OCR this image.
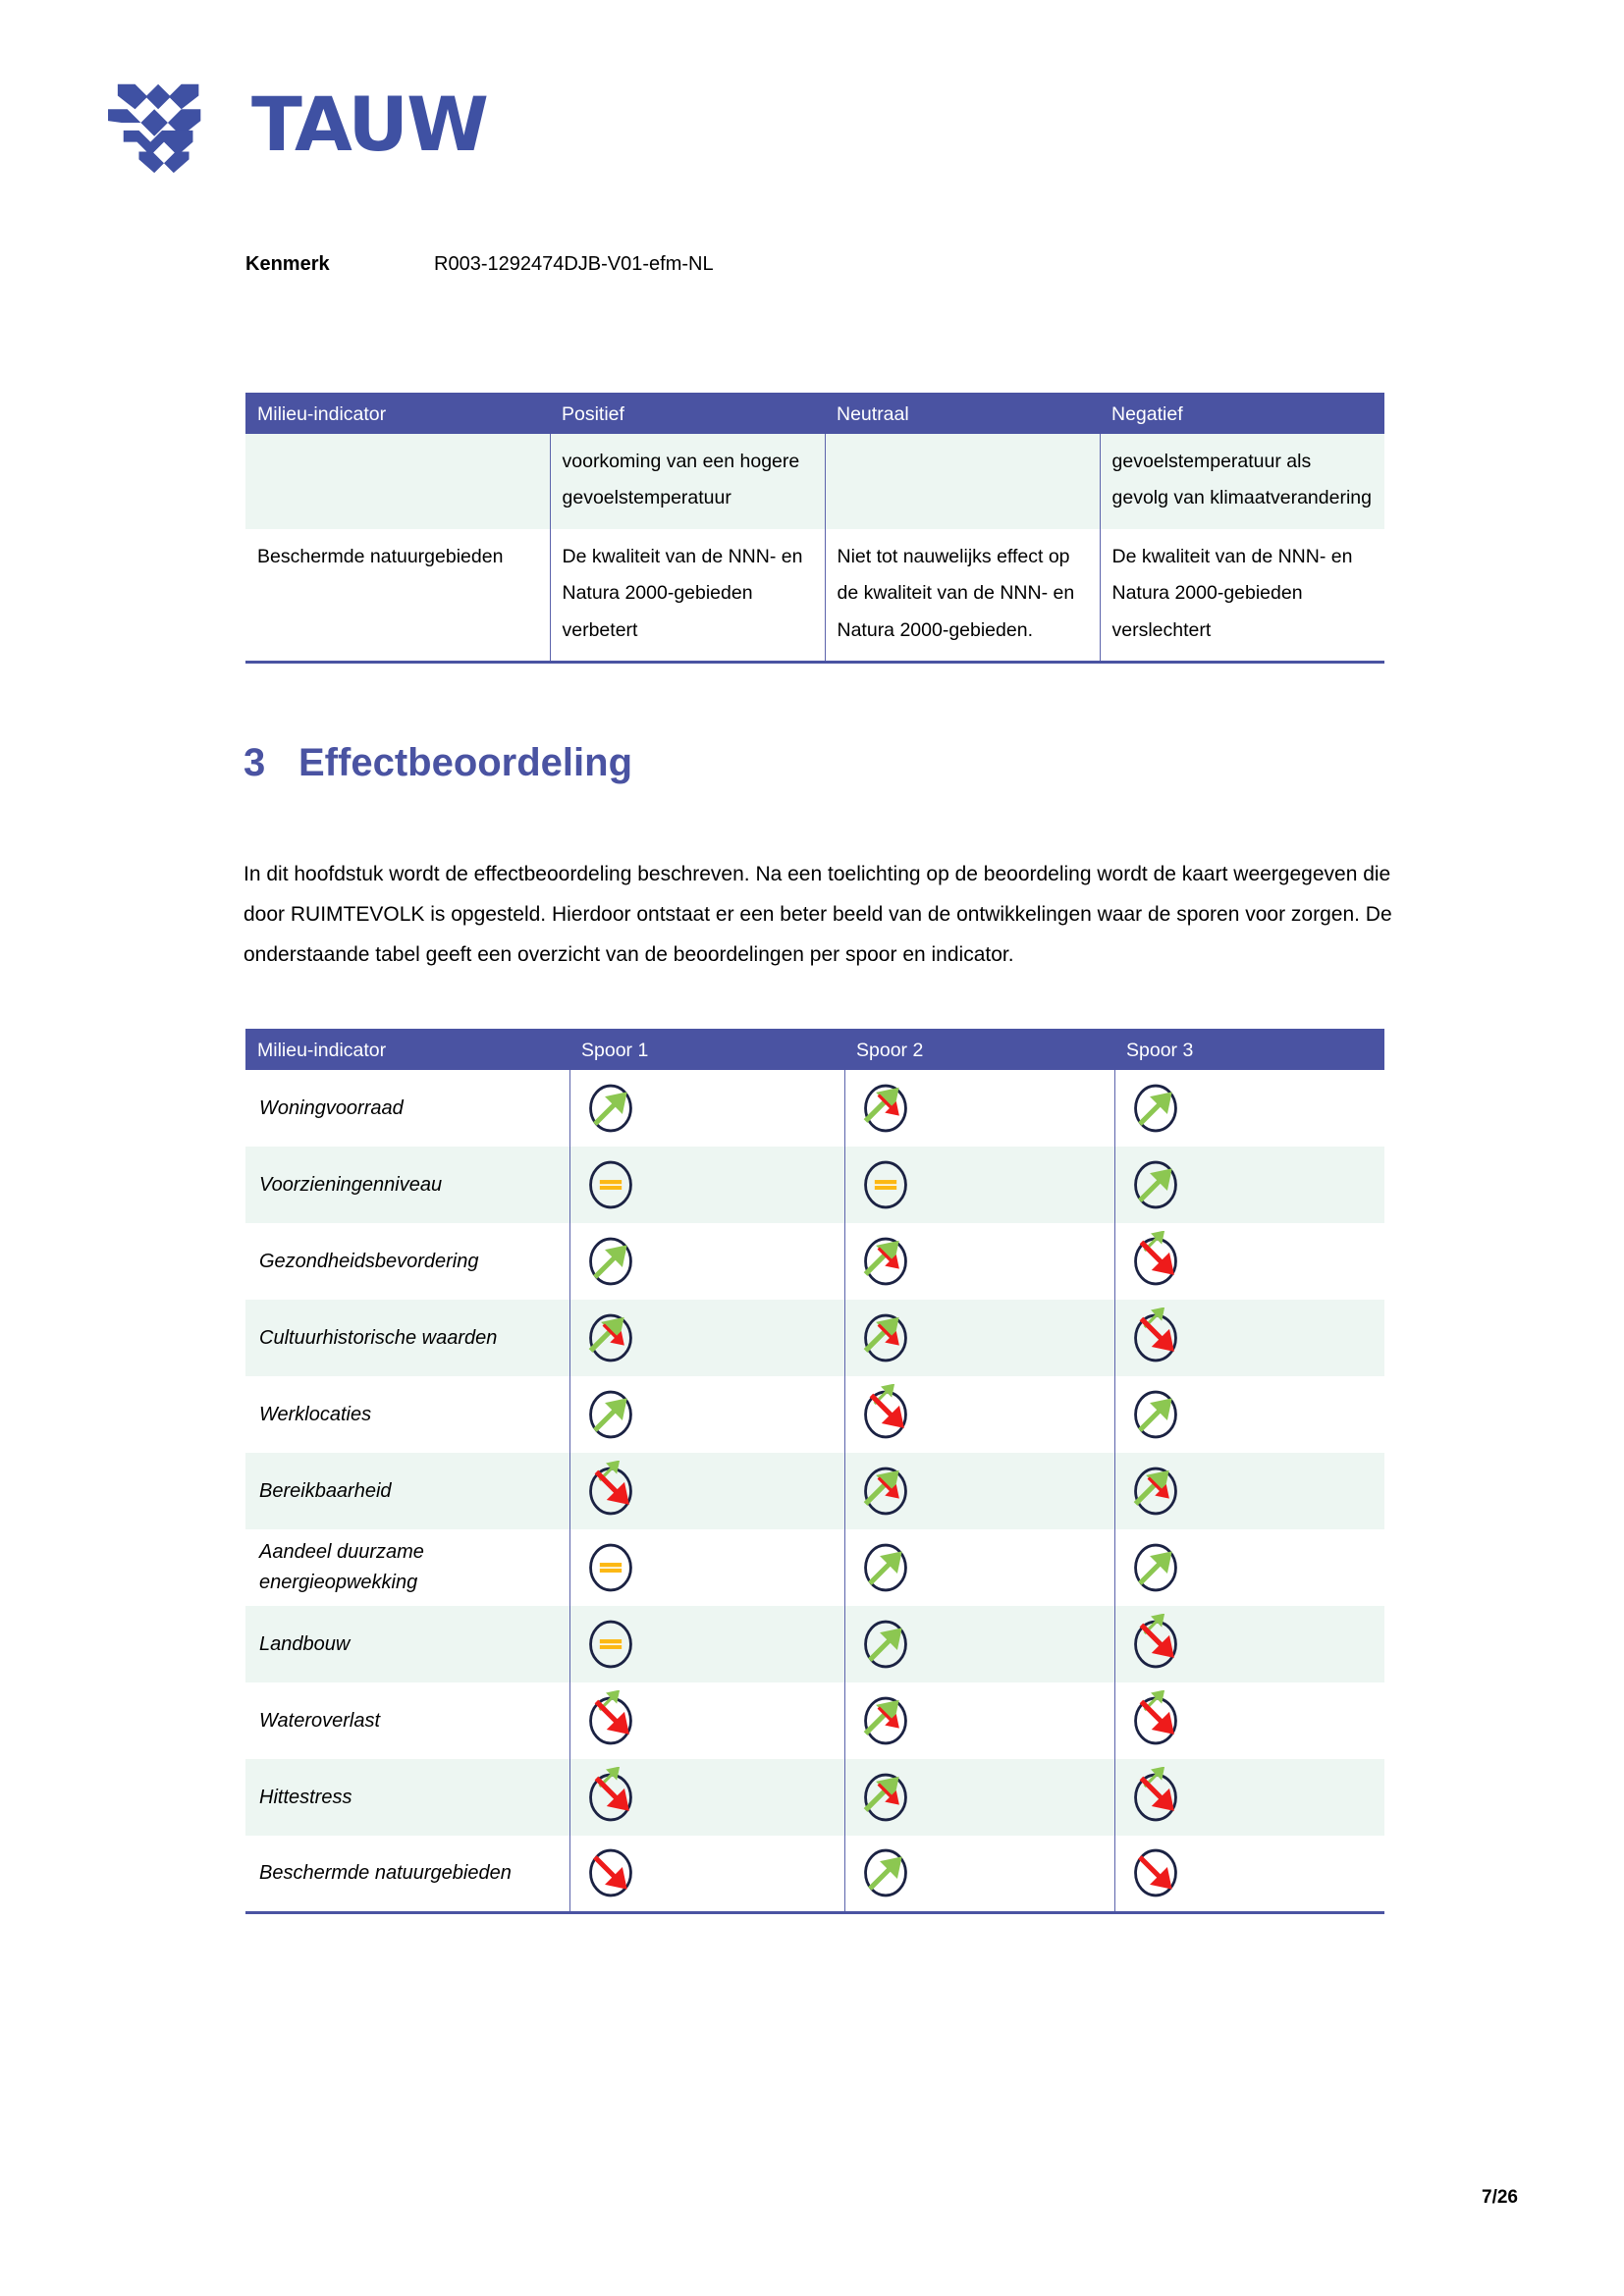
TAUW
Kenmerk	R003-1292474DJB-V01-efm-NL
Milieu-indicator	Positief	Neutraal	Negatief
	voorkoming van een hogere gevoelstemperatuur		gevoelstemperatuur als gevolg van klimaatverandering
Beschermde natuurgebieden	De kwaliteit van de NNN- en Natura 2000-gebieden verbetert	Niet tot nauwelijks effect op de kwaliteit van de NNN- en Natura 2000-gebieden.	De kwaliteit van de NNN- en Natura 2000-gebieden verslechtert
3 Effectbeoordeling

In dit hoofdstuk wordt de effectbeoordeling beschreven. Na een toelichting op de beoordeling wordt de kaart weergegeven die door RUIMTEVOLK is opgesteld. Hierdoor ontstaat er een beter beeld van de ontwikkelingen waar de sporen voor zorgen. De onderstaande tabel geeft een overzicht van de beoordelingen per spoor en indicator.

Milieu-indicator	Spoor 1	Spoor 2	Spoor 3
Woningvoorraad	

Voorzieningenniveau	

Gezondheidsbevordering	

Cultuurhistorische waarden	

Werklocaties	

Bereikbaarheid	

Aandeel duurzame energieopwekking	

Landbouw	

Wateroverlast	

Hittestress	

Beschermde natuurgebieden	

7/26
